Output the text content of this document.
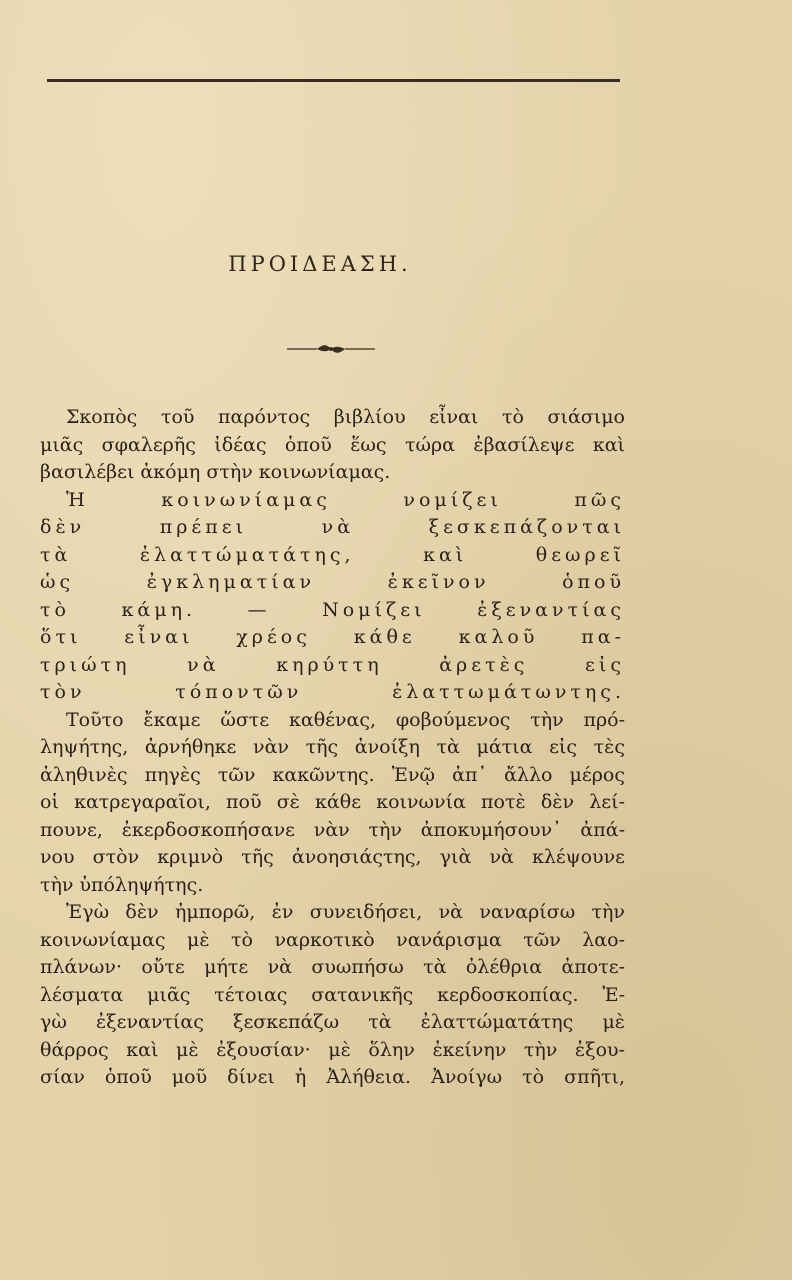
ΠΡΟΙΔΕΑΣΗ.
Σκοπὸς τοῦ παρόντος βιβλίου εἶναι τὸ σιάσιμο
μιᾶς σφαλερῆς ἰδέας ὁποῦ ἕως τώρα ἐβασίλεψε καὶ
βασιλέβει ἀκόμη στὴν κοινωνίαμας.
Ἡ κοινωνίαμας νομίζει πῶς
δὲν πρέπει νὰ ξεσκεπάζονται
τὰ ἐλαττώματάτης, καὶ θεωρεῖ
ὡς ἐγκληματίαν ἐκεῖνον ὁποῦ
τὸ κάμη. — Νομίζει ἐξεναντίας
ὅτι εἶναι χρέος κάθε καλοῦ πα-
τριώτη νὰ κηρύττη ἀρετὲς εἰς
τὸν τόποντῶν ἐλαττωμάτωντης.
Τοῦτο ἔκαμε ὥστε καθένας, φοβούμενος τὴν πρό-
ληψήτης, ἀρνήθηκε νὰν τῆς ἀνοίξη τὰ μάτια εἰς τὲς
ἀληθινὲς πηγὲς τῶν κακῶντης. Ἐνῷ ἀπ᾽ ἄλλο μέρος
οἱ κατρεγαραῖοι, ποῦ σὲ κάθε κοινωνία ποτὲ δὲν λεί-
πουνε, ἐκερδοσκοπήσανε νὰν τὴν ἀποκυμήσουν᾽ ἀπά-
νου στὸν κριμνὸ τῆς ἀνοησιάςτης, γιὰ νὰ κλέψουνε
τὴν ὑπόληψήτης.
Ἐγὼ δὲν ἠμπορῶ, ἐν συνειδήσει, νὰ ναναρίσω τὴν
κοινωνίαμας μὲ τὸ ναρκοτικὸ νανάρισμα τῶν λαο-
πλάνων· οὔτε μήτε νὰ συωπήσω τὰ ὀλέθρια ἀποτε-
λέσματα μιᾶς τέτοιας σατανικῆς κερδοσκοπίας. Ἐ-
γὼ ἐξεναντίας ξεσκεπάζω τὰ ἐλαττώματάτης μὲ
θάρρος καὶ μὲ ἐξουσίαν· μὲ ὅλην ἐκείνην τὴν ἐξου-
σίαν ὁποῦ μοῦ δίνει ἡ Ἀλήθεια. Ἀνοίγω τὸ σπῆτι,
